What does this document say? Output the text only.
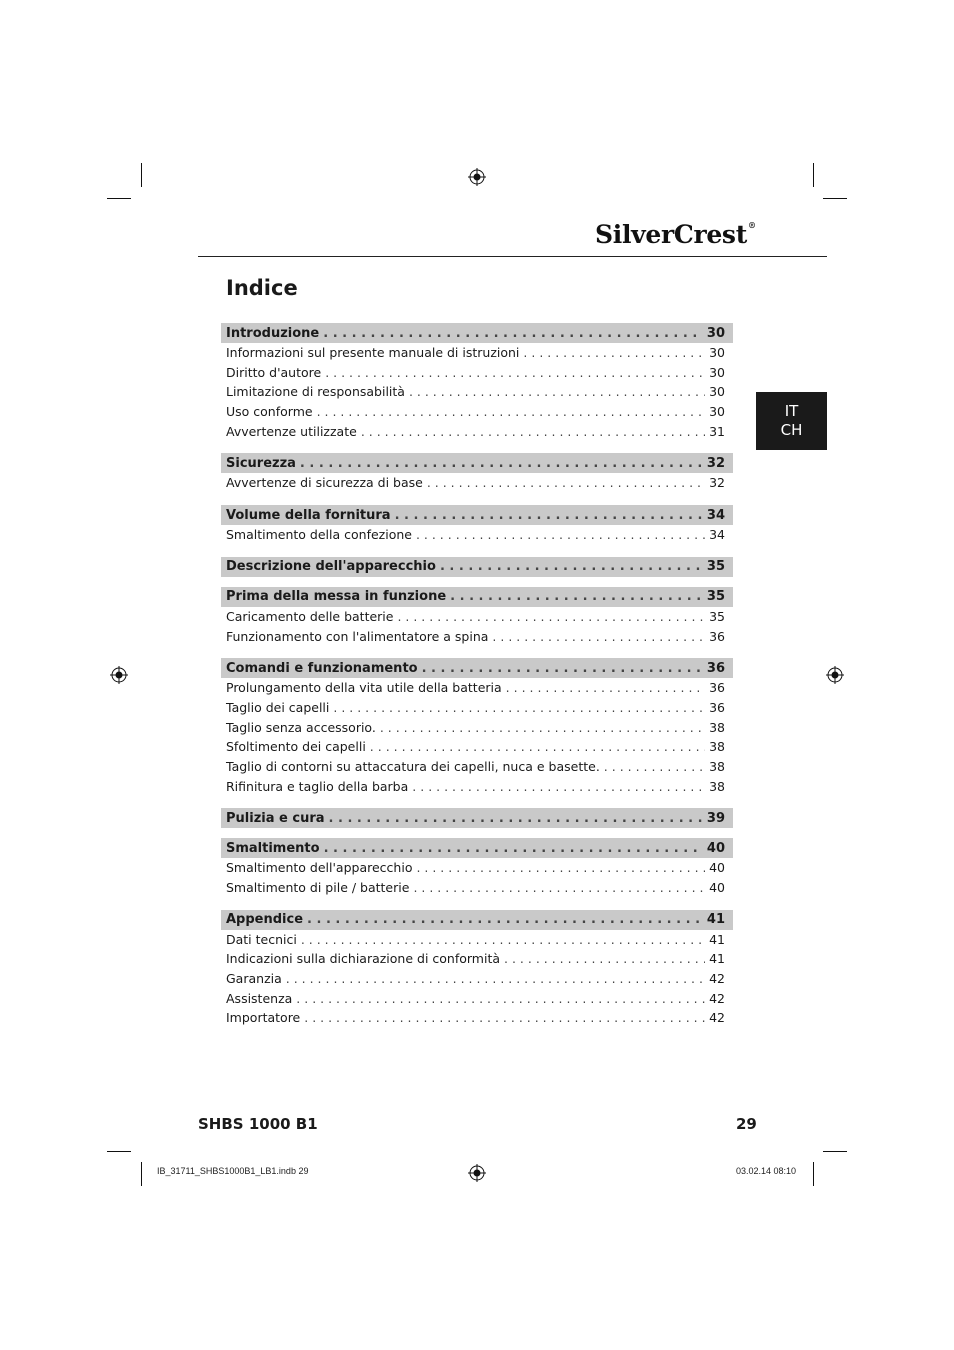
SilverCrest®
Indice
IT
CH
Introduzione . . .	30
Informazioni sul presente manuale di istruzioni . . .	30
Diritto d'autore . . .	30
Limitazione di responsabilità . . .	30
Uso conforme . . .	30
Avvertenze utilizzate . . .	31
Sicurezza . . .	32
Avvertenze di sicurezza di base . . .	32
Volume della fornitura . . .	34
Smaltimento della confezione . . .	34
Descrizione dell'apparecchio . . .	35
Prima della messa in funzione . . .	35
Caricamento delle batterie . . .	35
Funzionamento con l'alimentatore a spina . . .	36
Comandi e funzionamento . . .	36
Prolungamento della vita utile della batteria . . .	36
Taglio dei capelli . . .	36
Taglio senza accessorio. . . .	38
Sfoltimento dei capelli . . .	38
Taglio di contorni su attaccatura dei capelli, nuca e basette. . . .	38
Rifinitura e taglio della barba . . .	38
Pulizia e cura . . .	39
Smaltimento . . .	40
Smaltimento dell'apparecchio . . .	40
Smaltimento di pile / batterie . . .	40
Appendice . . .	41
Dati tecnici . . .	41
Indicazioni sulla dichiarazione di conformità . . .	41
Garanzia . . .	42
Assistenza . . .	42
Importatore . . .	42
SHBS 1000 B1	29
IB_31711_SHBS1000B1_LB1.indb 29	03.02.14 08:10
